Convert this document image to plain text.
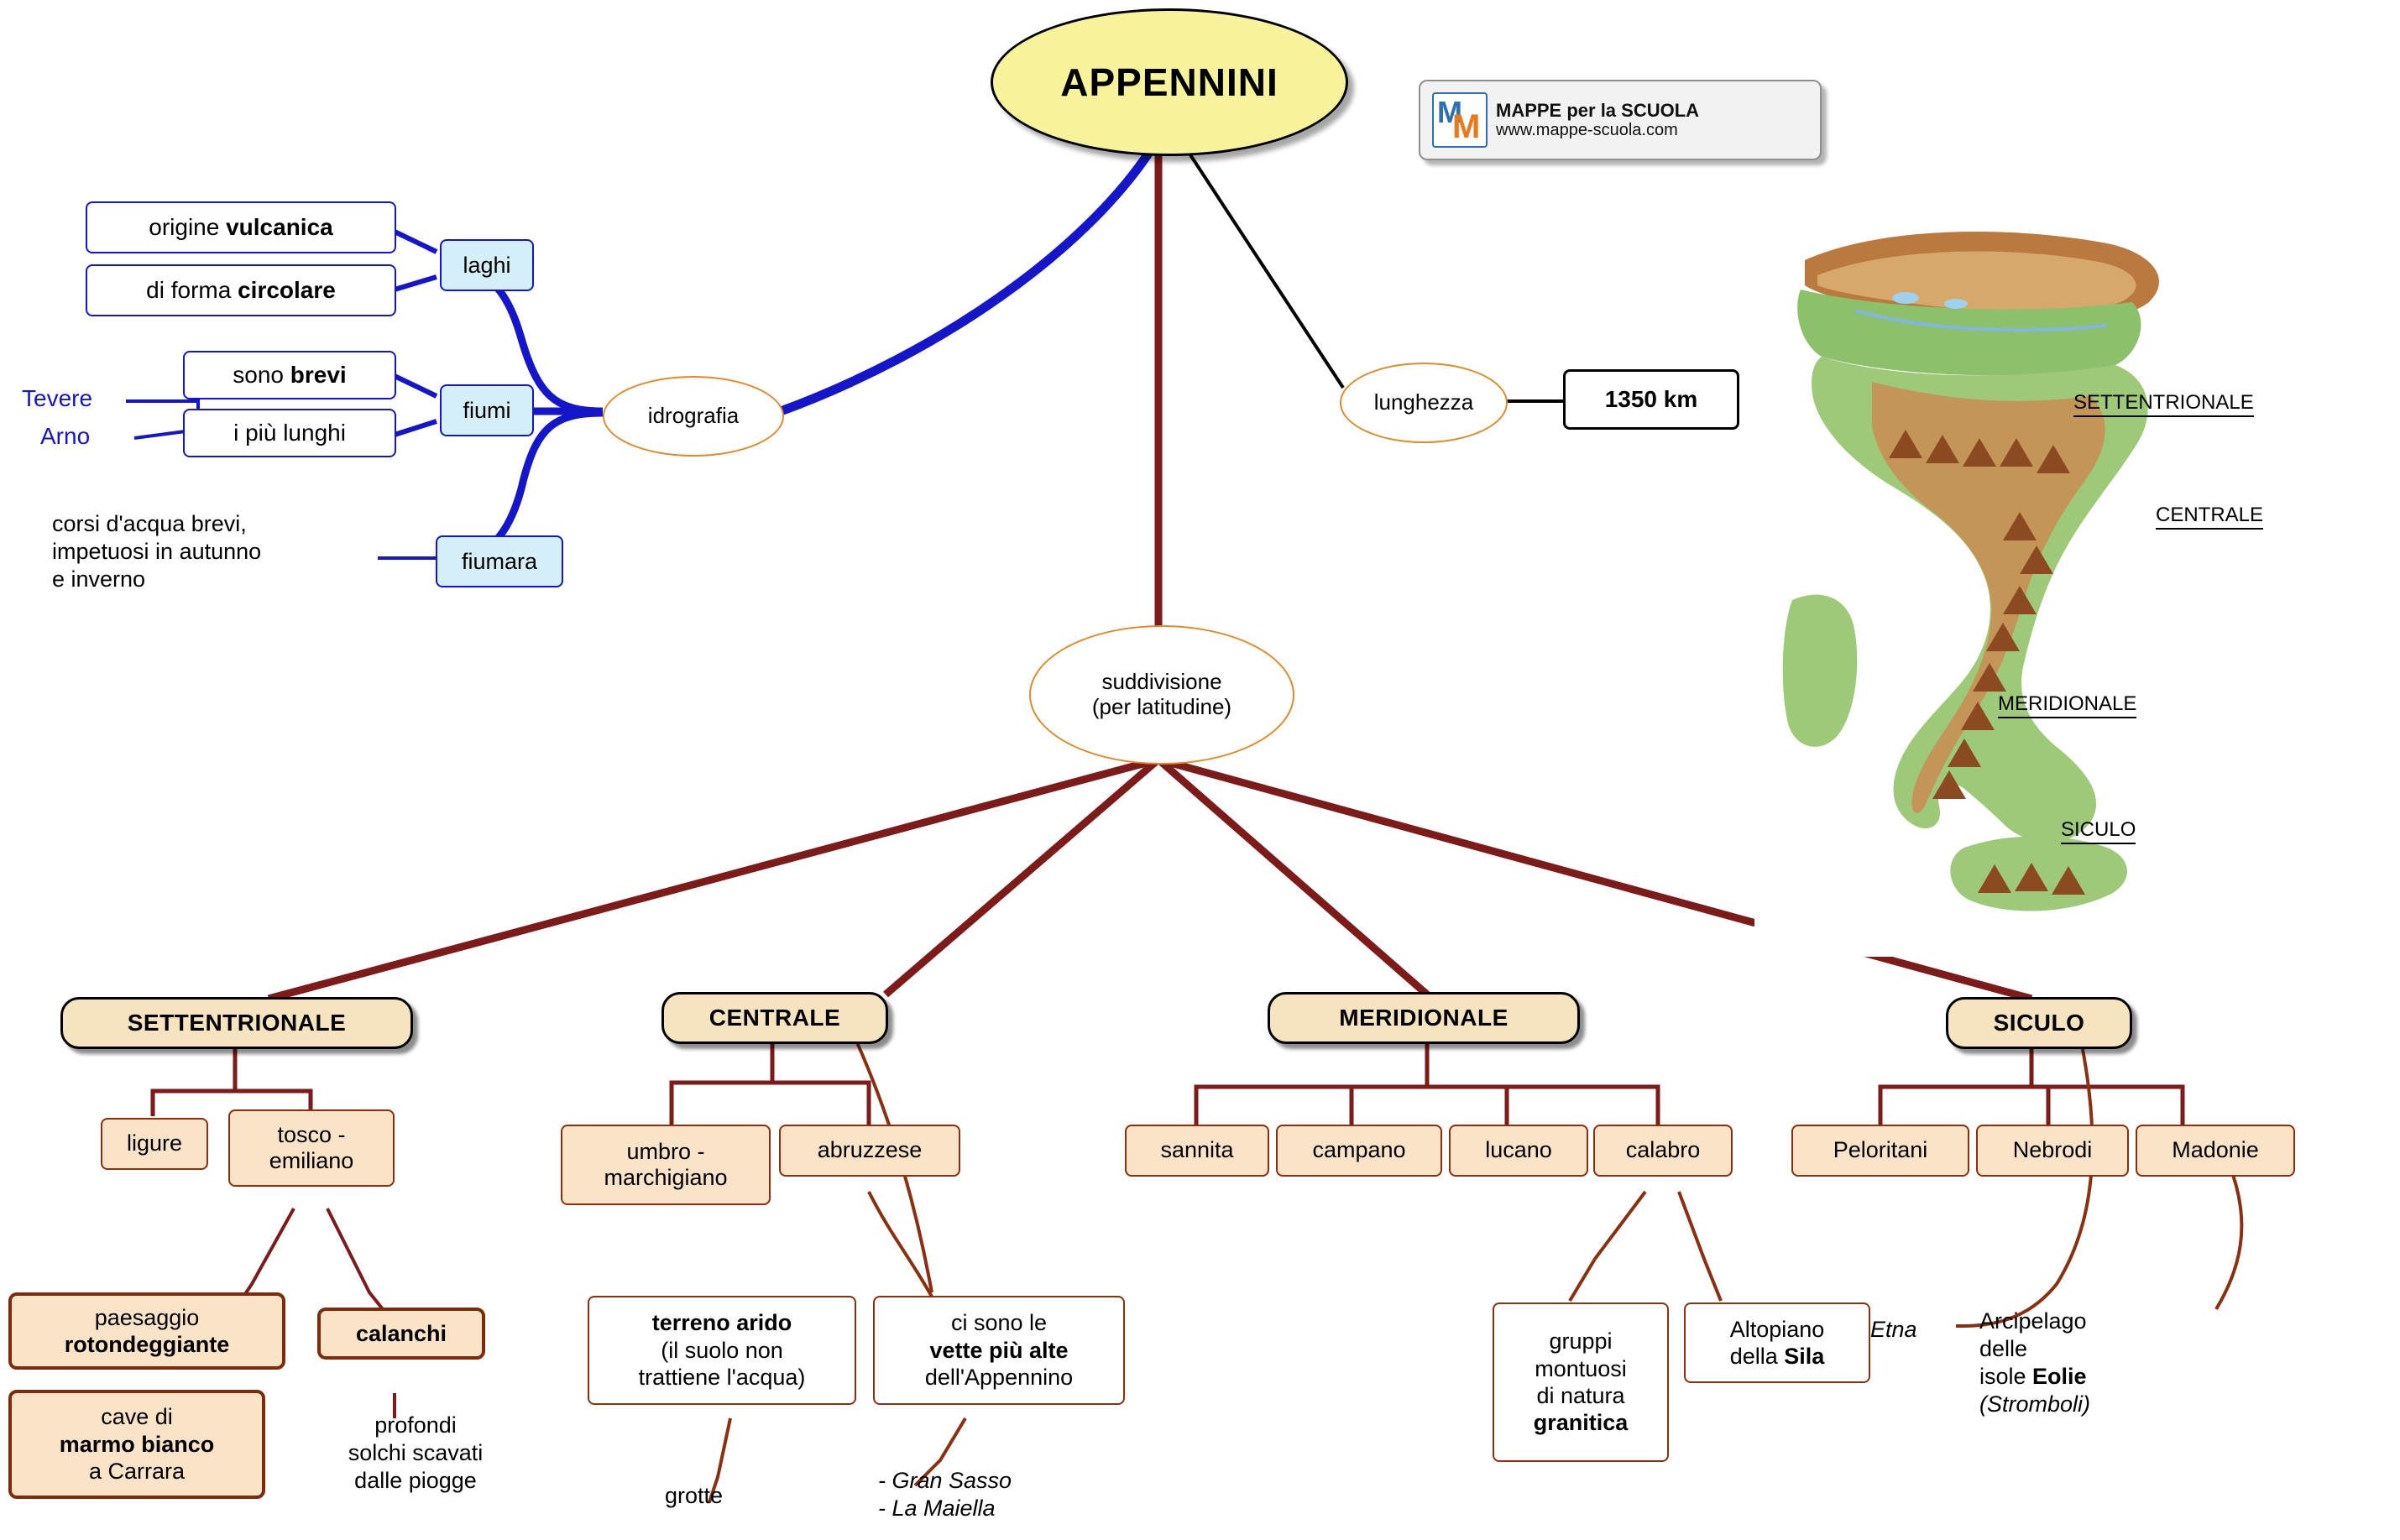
SETTENTRIONALE
CENTRALE
MERIDIONALE
SICULO
APPENNINI
M
M MAPPE per la SCUOLA
www.mappe-scuola.com
idrografia
laghi
fiumi
fiumara
origine vulcanica
di forma circolare
sono brevi
i più lunghi
Tevere
Arno
corsi d'acqua brevi,
impetuosi in autunno
e inverno
lunghezza	1350 km
suddivisione
(per latitudine)
SETTENTRIONALE	CENTRALE	MERIDIONALE	SICULO
ligure	tosco -
emiliano
paesaggio
rotondeggiante
cave di
marmo bianco
a Carrara
calanchi
profondi
solchi scavati
dalle piogge
umbro -
marchigiano
abruzzese
terreno arido
(il suolo non
trattiene l'acqua)
grotte
ci sono le
vette più alte
dell'Appennino
- Gran Sasso
- La Maiella
sannita	campano	lucano	calabro
gruppi
montuosi
di natura
granitica
Altopiano
della Sila
Peloritani	Nebrodi	Madonie
Etna	Arcipelago
delle
isole Eolie
(Stromboli)
